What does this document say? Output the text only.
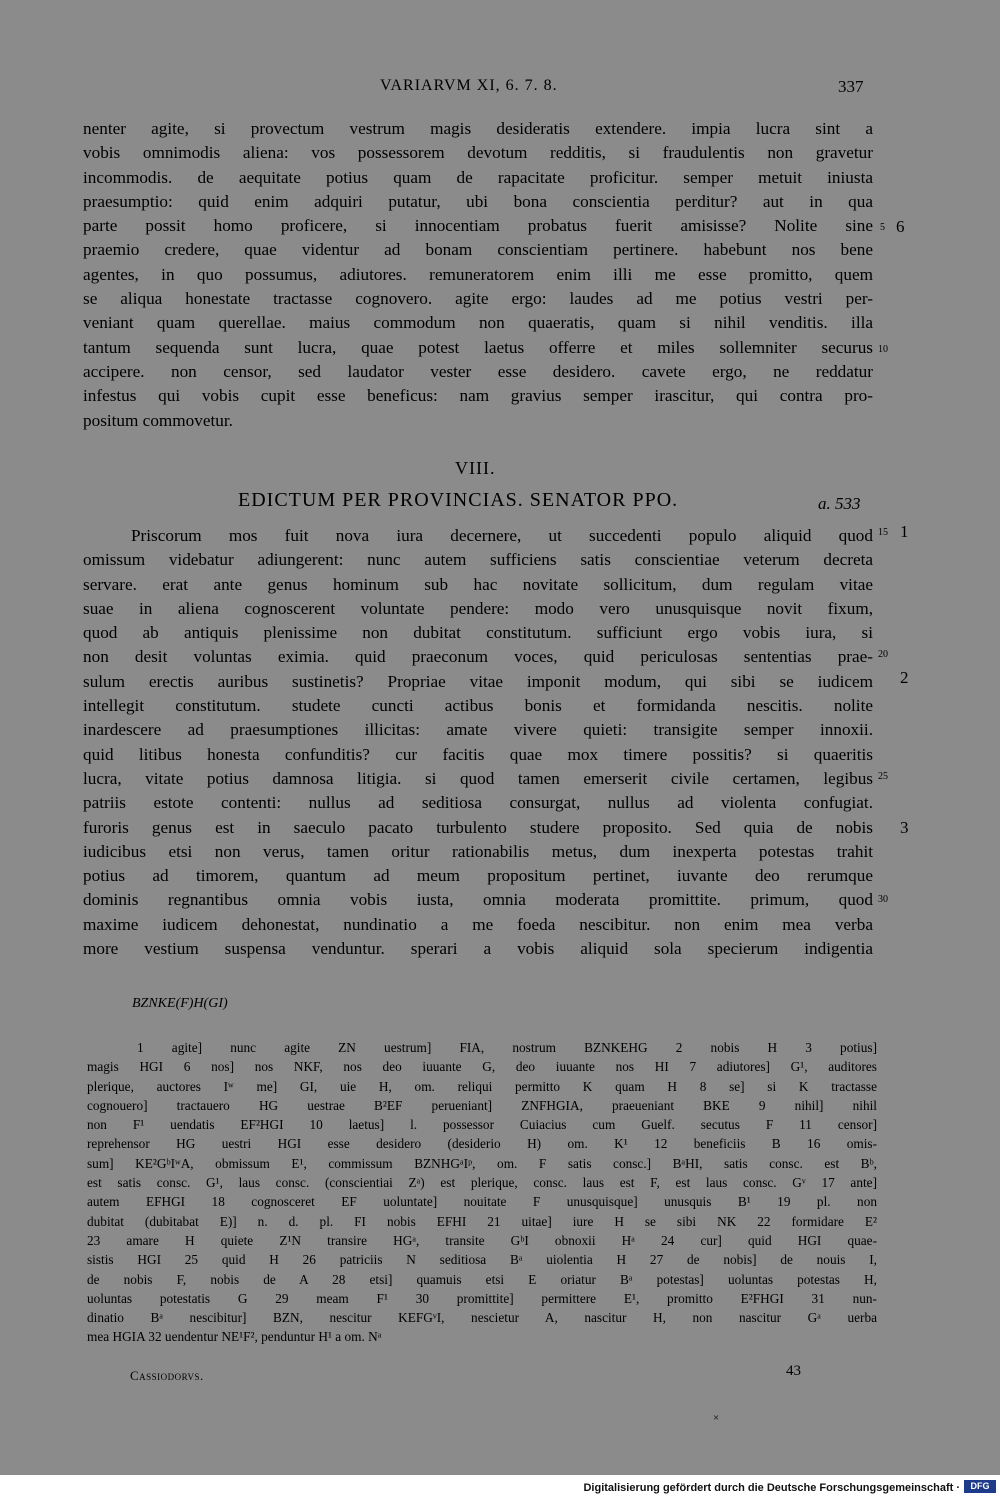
VARIARVM XI, 6. 7. 8.	337
nenter agite, si provectum vestrum magis desideratis extendere. impia lucra sint a
vobis omnimodis aliena: vos possessorem devotum redditis, si fraudulentis non gravetur
incommodis. de aequitate potius quam de rapacitate proficitur. semper metuit iniusta
praesumptio: quid enim adquiri putatur, ubi bona conscientia perditur? aut in qua
parte possit homo proficere, si innocentiam probatus fuerit amisisse? Nolite sine
praemio credere, quae videntur ad bonam conscientiam pertinere. habebunt nos bene
agentes, in quo possumus, adiutores. remuneratorem enim illi me esse promitto, quem
se aliqua honestate tractasse cognovero. agite ergo: laudes ad me potius vestri per-
veniant quam querellae. maius commodum non quaeratis, quam si nihil venditis. illa
tantum sequenda sunt lucra, quae potest laetus offerre et miles sollemniter securus
accipere. non censor, sed laudator vester esse desidero. cavete ergo, ne reddatur
infestus qui vobis cupit esse beneficus: nam gravius semper irascitur, qui contra pro-
positum commovetur.
5 6
10
VIII.
EDICTUM PER PROVINCIAS. SENATOR PPO.	a. 533
Priscorum mos fuit nova iura decernere, ut succedenti populo aliquid quod
omissum videbatur adiungerent: nunc autem sufficiens satis conscientiae veterum decreta
servare. erat ante genus hominum sub hac novitate sollicitum, dum regulam vitae
suae in aliena cognoscerent voluntate pendere: modo vero unusquisque novit fixum,
quod ab antiquis plenissime non dubitat constitutum. sufficiunt ergo vobis iura, si
non desit voluntas eximia. quid praeconum voces, quid periculosas sententias prae-
sulum erectis auribus sustinetis? Propriae vitae imponit modum, qui sibi se iudicem
intellegit constitutum. studete cuncti actibus bonis et formidanda nescitis. nolite
inardescere ad praesumptiones illicitas: amate vivere quieti: transigite semper innoxii.
quid litibus honesta confunditis? cur facitis quae mox timere possitis? si quaeritis
lucra, vitate potius damnosa litigia. si quod tamen emerserit civile certamen, legibus
patriis estote contenti: nullus ad seditiosa consurgat, nullus ad violenta confugiat.
furoris genus est in saeculo pacato turbulento studere proposito. Sed quia de nobis
iudicibus etsi non verus, tamen oritur rationabilis metus, dum inexperta potestas trahit
potius ad timorem, quantum ad meum propositum pertinet, iuvante deo rerumque
dominis regnantibus omnia vobis iusta, omnia moderata promittite. primum, quod
maxime iudicem dehonestat, nundinatio a me foeda nescibitur. non enim mea verba
more vestium suspensa venduntur. sperari a vobis aliquid sola specierum indigentia
15 1
20
2
25
3
30
BZNKE(F)H(GI)
1 agite] nunc agite ZN uestrum] FIA, nostrum BZNKEHG 2 nobis H 3 potius]
magis HGI 6 nos] nos NKF, nos deo iuuante G, deo iuuante nos HI 7 adiutores] G¹, auditores
plerique, auctores Iʷ me] GI, uie H, om. reliqui permitto K quam H 8 se] si K tractasse
cognouero] tractauero HG uestrae B²EF perueniant] ZNFHGIA, praeueniant BKE 9 nihil] nihil
non F¹ uendatis EF²HGI 10 laetus] l. possessor Cuiacius cum Guelf. secutus F 11 censor]
reprehensor HG uestri HGI esse desidero (desiderio H) om. K¹ 12 beneficiis B 16 omis-
sum] KE²GᵇIʷA, obmissum E¹, commissum BZNHGᵃIᵖ, om. F satis consc.] BᵃHI, satis consc. est Bᵇ,
est satis consc. G¹, laus consc. (conscientiai Zᵃ) est plerique, consc. laus est F, est laus consc. Gᵛ 17 ante]
autem EFHGI 18 cognosceret EF uoluntate] nouitate F unusquisque] unusquis B¹ 19 pl. non
dubitat (dubitabat E)] n. d. pl. FI nobis EFHI 21 uitae] iure H se sibi NK 22 formidare E²
23 amare H quiete Z¹N transire HGᵃ, transite GᵇI obnoxii Hᵃ 24 cur] quid HGI quae-
sistis HGI 25 quid H 26 patriciis N seditiosa Bᵃ uiolentia H 27 de nobis] de nouis I,
de nobis F, nobis de A 28 etsi] quamuis etsi E oriatur Bᵃ potestas] uoluntas potestas H,
uoluntas potestatis G 29 meam F¹ 30 promittite] permittere E¹, promitto E²FHGI 31 nun-
dinatio Bᵃ nescibitur] BZN, nescitur KEFGᵛI, nescietur A, nascitur H, non nascitur Gᵃ uerba
mea HGIA 32 uendentur NE¹F², penduntur H¹ a om. Nᵃ
Cassiodorvs.	43
×
Digitalisierung gefördert durch die Deutsche Forschungsgemeinschaft ·	DFG
